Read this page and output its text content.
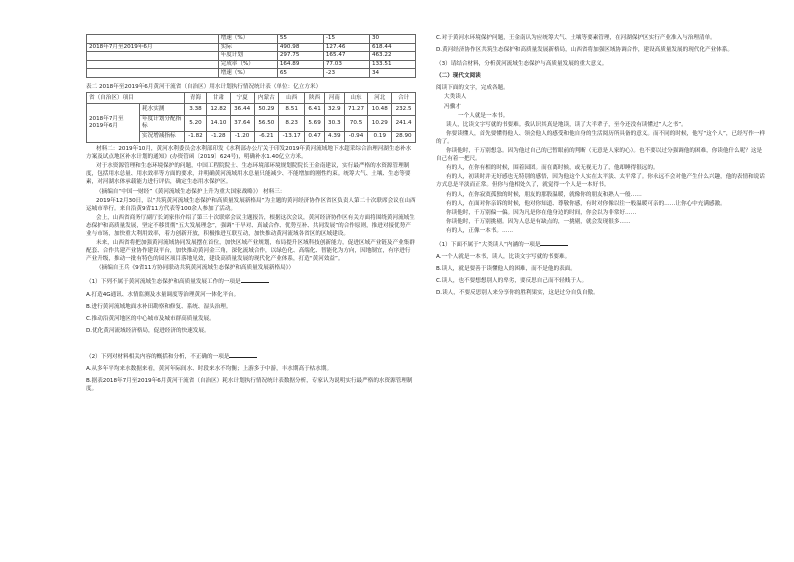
	增速（%）	55	-15	30
2018年7月至2019年6月	实际	490.98	127.46	618.44
	年度计划	297.75	165.47	463.22
	完成率（%）	164.89	77.03	133.51
	增速（%）	65	-23	34
表二 2018年至2019年6月黄河干流省（自治区）用水计划执行情况统计表（单位：亿立方米）
省（自治区）项目		青海	甘肃	宁夏	内蒙古	山西	陕西	河南	山东	河北	合计
2018年7月至2019年6月	耗水实测	3.38	12.82	36.44	50.29	8.51	6.41	32.9	71.27	10.48	232.5
	年度计划分配指标	5.20	14.10	37.64	56.50	8.23	5.69	30.3	70.5	10.29	241.4
	实况增减指标	-1.82	-1.28	-1.20	-6.21	-13.17	0.47	4.39	-0.94	0.19	28.90

材料二：2019年10月，黄河水利委员会水利部印发《水利部办公厅关于印发2019年黄河流域地下水超采综合治理河湖生态补水方案及试点地区补水计划的通知》(办资管函〔2019〕624号)，明确补水1.40亿立方米。

对于水资源管理和生态环境保护的问题，中国工程院院士、生态环境部环境规划院院长王金南建议，实行最严格的水资源管理制度，包括用水总量、用水效率等方面的要求，并明确黄河流域用水总量只能减少、不能增加的刚性约束。统筹大气、土壤、生态等要素，对河湖水体承载能力进行评估，确定生态用水保护区。

（摘编自“中国一财经”《黄河流域生态保护上升为重大国家战略》） 材料三：

2019年12月30日，以“共筑黄河流域生态保护和高质量发展新格局”为主题的黄河经济协作区省区负责人第二十次联席会议在山西运城市举行。来自沿黄9省11方代表等100余人参加了活动。

会上，山西省商务厅副厅长刘家伟介绍了第三十次联席会议主题报告，根据这次会议，黄河经济协作区有关方面将围绕黄河流域生态保护和高质量发展，坚定不移贯彻“五大发展理念”，强调“干旱对、真诚合作、优势互补、共同发展”的合作原则，推进对接优势产业与市场，加快重大利用效率，着力创新开放，积极推进互联互动，加快推动黄河流域各省区的区域建设。

未来，山西省将把加强黄河流域协同发展摆在首位，加快区域产业规划，布局提升区域科技创新能力，促进区域产业链及产业集群配套、合作共建产业协作建设平台，加快推动黄河金三角，深化流域合作，以绿色化、高端化、智能化为方向，因地制宜，有序进行产业升级，推动一批有特色的园区项目落地见效，建设高质量发展的现代化产业体系，打造“黄河效益”。

（摘编自王兵《9省11方协同联动共筑黄河流域生态保护和高质量发展新格局》）

（1）下列不属于黄河流域生态保护和高质量发展工作的一项是

A.打造4G通讯、水情监测及水量调度等治理黄河一体化平台。

B.进行黄河流域地面水补田勘察和修复、系统、湿头治理。

C.推动沿黄河地区的中心城市及城市群高质量发展。

D.优化黄河流域经济格局，促进经济的快速发展。

（2）下列对材料相关内容的概括和分析，不正确的一项是

A.从多年平均来水数据来看，黄河年际间水、时段来水不均衡；上游多于中游，丰水期高于枯水期。

B.据表2018年7月至2019年6月黄河干流省（自治区）耗水计划执行情况统计表数据分析，专家认为说明实行最严格的水资源管理制度。

C.对于黄河水环境保护问题，王金南认为应统筹大气、土壤等要素管理，在河湖保护区实行产业准入与治理清单。

D.黄河经济协作区共筑生态保护和高质量发展新格局，山西省将加强区域协调合作，建设高质量发展的现代化产业体系。

（3）请结合材料，分析黄河流域生态保护与高质量发展的重大意义。

（二）现代文阅读

阅读下面的文字，完成各题。

大类读人

冯骥才

一个人就是一本书。

读人，比读文字写就的书要难。我认识其真是地读，读了大半辈子，至今还没有读懂过”人之书”。

你要读懂人，首先要懂得他人、领会他人的感受和他自身的生活阅历所具备的意义。而不同的时候，他写“这个人”，已经写作一样的了。

你读他时，千万别想急。因为他过自己的已暂眼前的判断（无意是人家的心）。也不要以过分强调他的困难，你读他什么呢？这是自己有着一把尺。

有的人，在你有相的时候，围着园团。而在离时候，或无视无力了，他却睡得很远的。

有的人，初读时并无好感也无特别的感悟，因为他这个人实在太平淡、太平常了。你永远不会对他产生什么兴趣，他的表情和说话方式总是平淡而正常。但你与他相处久了，就觉得一个人是一本好书。

有的人，在你寂寞孤独的时候，朋友的那股温暖，就像你的朋友和熟人一般……

有的人，在面对你亲诉的时候，他对你知道、尊敬你感，有时对你像以往一般温暖可亲的……让你心中充满感激。

你读他时，千万别偏一偏。因为凡是你在他身边的时间，你会以为非常好……

你读他时，千万别挑剔。因为人总是有缺点的，一挑剔，就会发现很多……

有的人，正像一本书。……

（1）下面不属于“大类读人”内涵的一项是

A.一个人就是一本书，读人，比读文字写就的书要难。

B.读人，就是要善于读懂他人的困难，而不是他的表面。

C.读人，也不要想想别人的卑劣，要反思自己而不轻贱于人。

D.读人，不要反思别人来分享你的胜利果实，这是过分自负自傲。
